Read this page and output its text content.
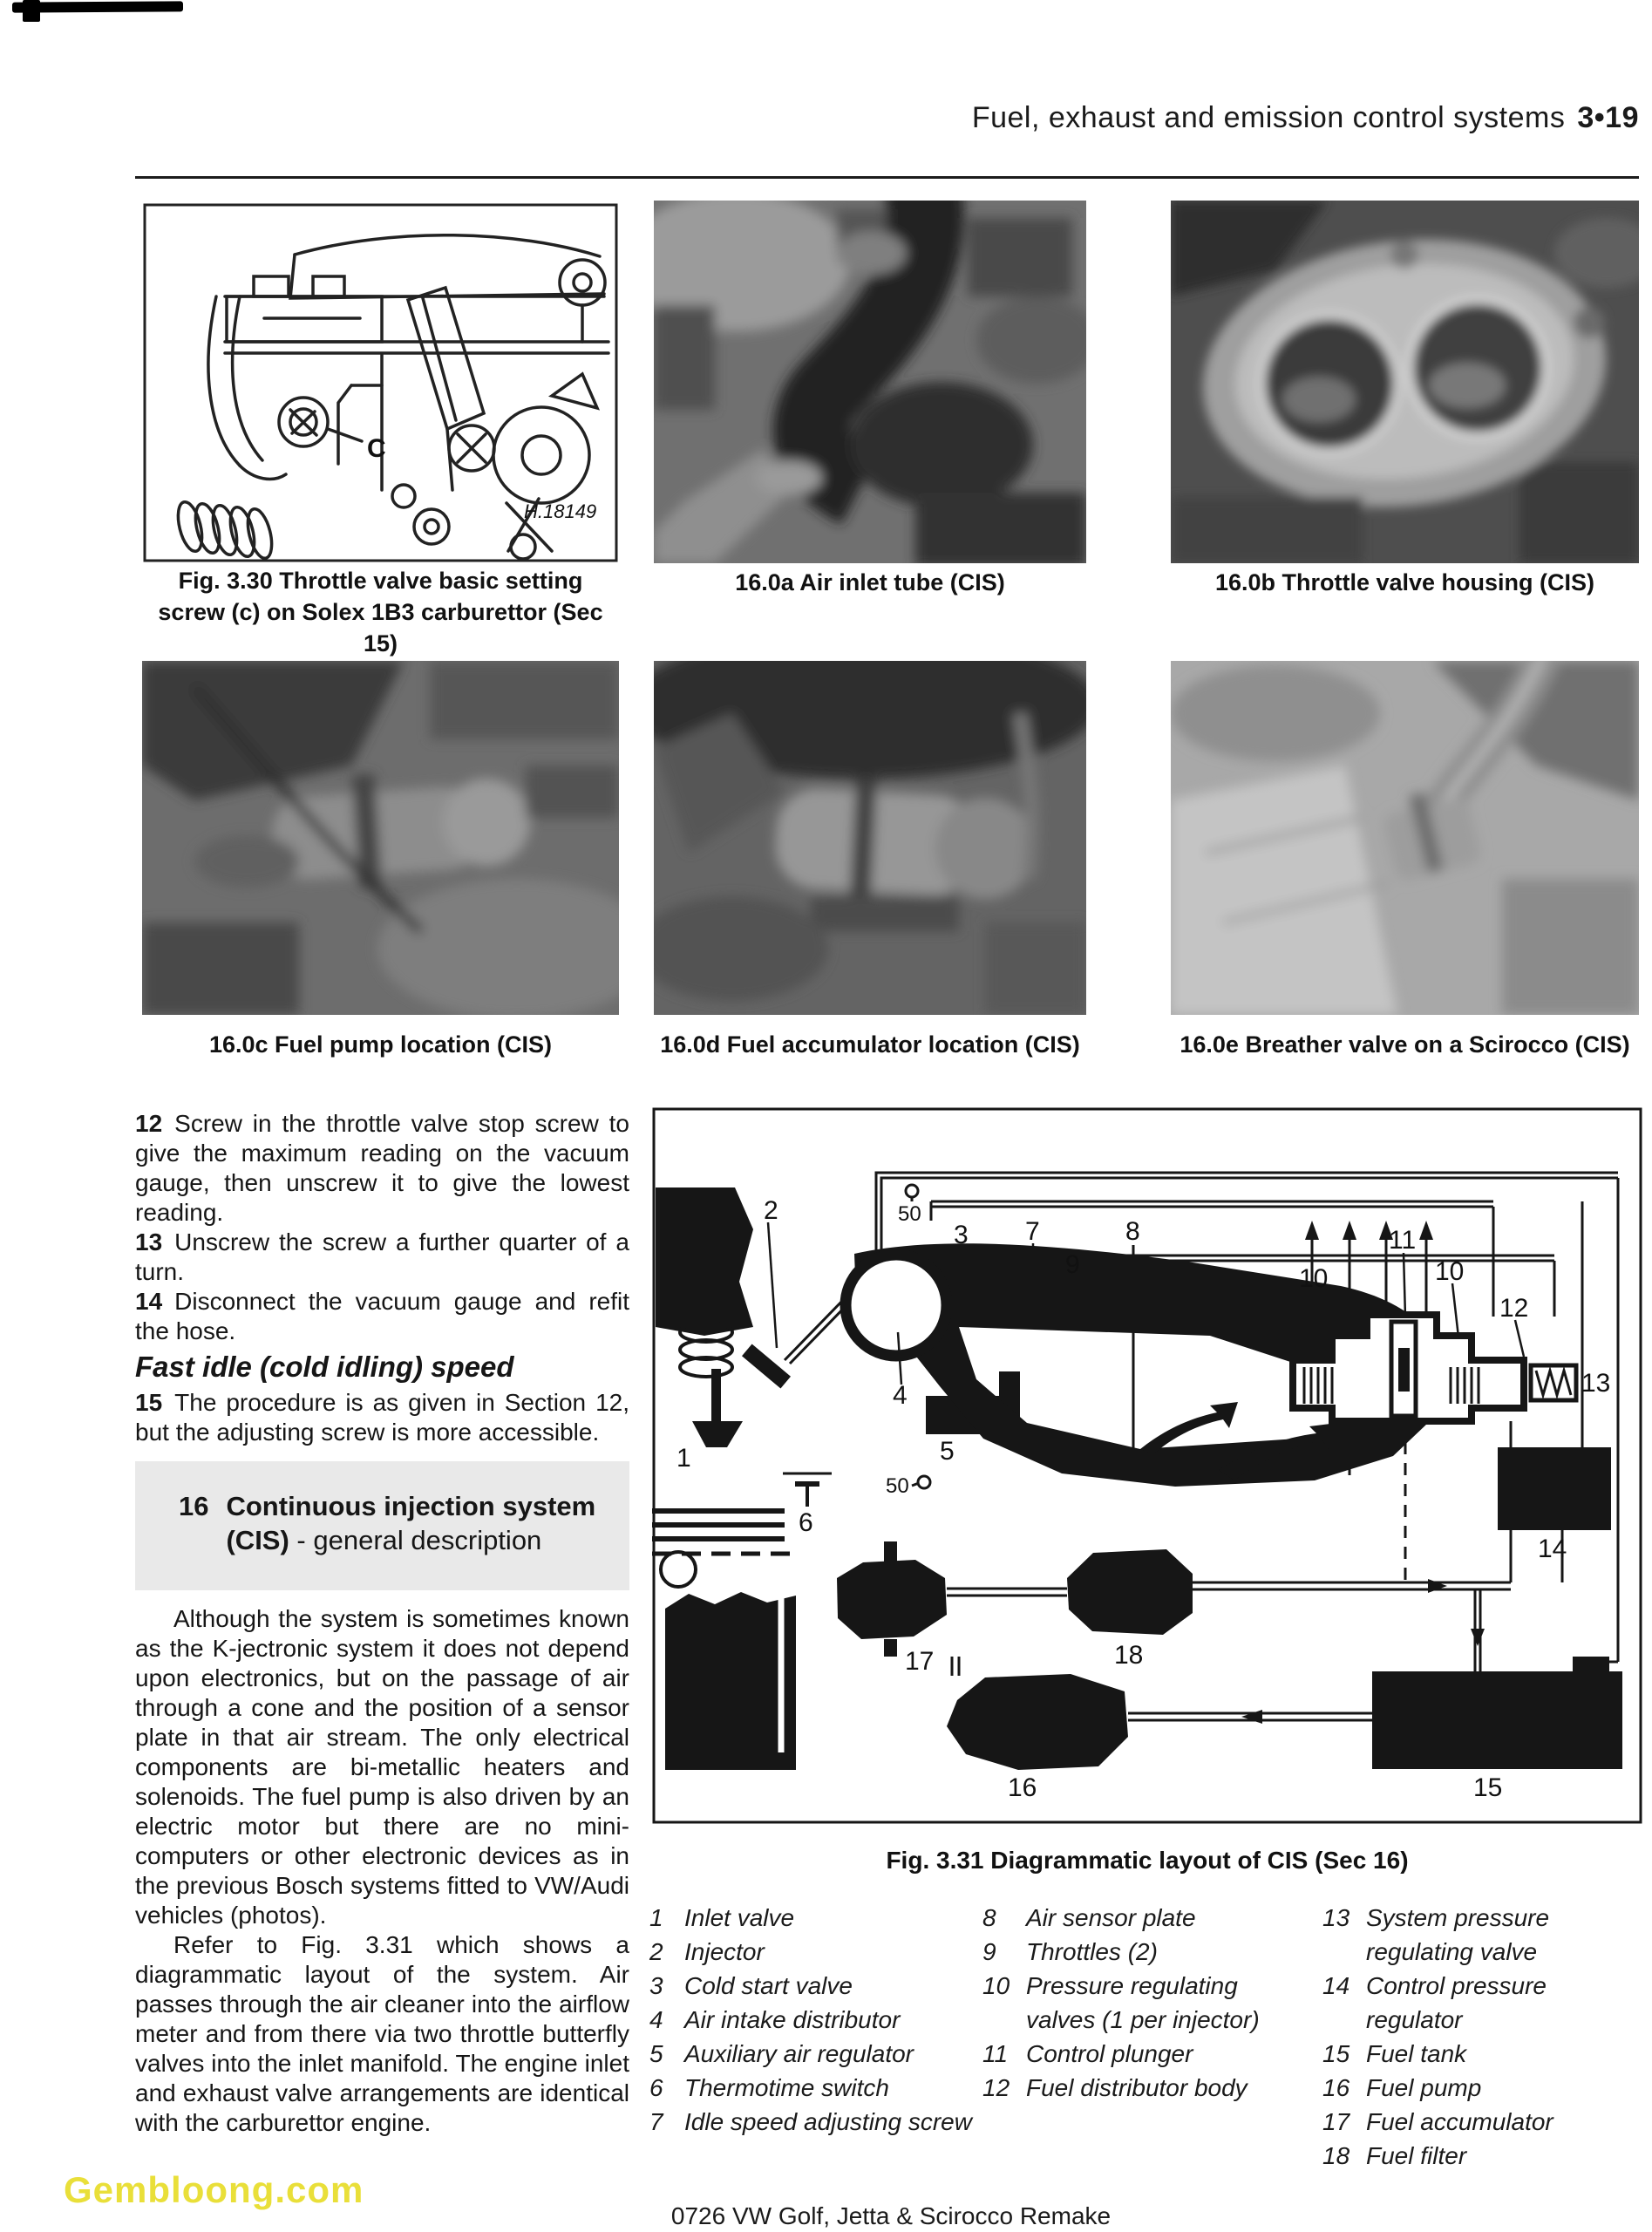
Fuel, exhaust and emission control systems 3•19
C
H.18149
Fig. 3.30 Throttle valve basic setting
screw (c) on Solex 1B3 carburettor (Sec 15)
16.0a Air inlet tube (CIS)	16.0b Throttle valve housing (CIS)
16.0c Fuel pump location (CIS)	16.0d Fuel accumulator location (CIS)	16.0e Breather valve on a Scirocco (CIS)

12 Screw in the throttle valve stop screw to give the maximum reading on the vacuum gauge, then unscrew it to give the lowest reading.

13 Unscrew the screw a further quarter of a turn.

14 Disconnect the vacuum gauge and refit the hose.

Fast idle (cold idling) speed

15 The procedure is as given in Section 12, but the adjusting screw is more accessible.

16 Continuous injection system
(CIS) - general description

Although the system is sometimes known as the K-jectronic system it does not depend upon electronics, but on the passage of air through a cone and the position of a sensor plate in that air stream. The only electrical components are bi-metallic heaters and solenoids. The fuel pump is also driven by an electric motor but there are no mini-computers or other electronic devices as in the previous Bosch systems fitted to VW/Audi vehicles (photos).

Refer to Fig. 3.31 which shows a diagrammatic layout of the system. Air passes through the air cleaner into the airflow meter and from there via two throttle butterfly valves into the inlet manifold. The engine inlet and exhaust valve arrangements are identical with the carburettor engine.

2
3 7
9
8	11
10	10
12
13
4
5
1
6
17	18
16	15
14
50
50
Fig. 3.31 Diagrammatic layout of CIS (Sec 16)
1 Inlet valve
2 Injector
3 Cold start valve
4 Air intake distributor
5 Auxiliary air regulator
6 Thermotime switch
7 Idle speed adjusting screw
8	Air sensor plate
9	Throttles (2)
10 Pressure regulating valves (1 per injector)
11 Control plunger
12 Fuel distributor body
13 System pressure regulating valve
14 Control pressure regulator
15 Fuel tank
16 Fuel pump
17 Fuel accumulator
18 Fuel filter
Gembloong.com
0726 VW Golf, Jetta & Scirocco Remake
